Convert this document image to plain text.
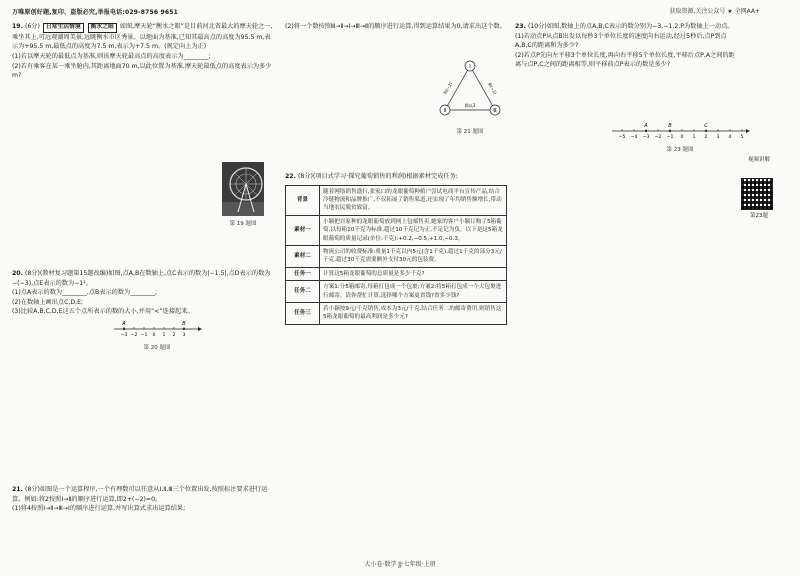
万唯原创好题,复印、盗版必究,举报电话:029-8756 9651	获取资源,关注公众号 ★ 全网AA+

19. (6分) 日常生活情境 衡水之眼 如图,摩天轮“衡水之眼”是目前河北省最大的摩天轮之一,乘坐其上,可远观湖周美景,远眺衡水市区秀景。以地面为基准,已知其最高点的高度为95.5 m,表示为+95.5 m,最低点的高度为7.5 m,表示为+7.5 m。(规定向上为正)

(1)若以摩天轮的最低点为基准,则该摩天轮最高点的高度表示为________;

(2)若有乘客在某一乘坐舱内,其距离地面70 m,以此位置为基准,摩天轮最低点的高度表示为多少 m?

第 19 题图

20. (8分)(教材复习题第15题改编)如图,点A,B在数轴上,点C表示的数为|−1.5|,点D表示的数为−(−3),点E表示的数为−1²。

(1)点A表示的数为________,点B表示的数为________;

(2)在数轴上画出点C,D,E;

(3)比较A,B,C,D,E这五个点所表示的数的大小,并用“<”连接起来。

−3 −2 −1 0 1 2 3
A	B
第 20 题图

21. (8分)如图是一个运算程序,一个有理数可以任意从Ⅰ,Ⅱ,Ⅲ三个位置出发,按照标注要求进行运算。例如:将2按照Ⅰ→Ⅱ的顺序进行运算,即2+(−2)=0。

(1)将4按照Ⅰ→Ⅱ→Ⅲ→Ⅰ的顺序进行运算,并写出算式求出运算结果;

(2)将一个数按照Ⅲ→Ⅱ→Ⅰ→Ⅲ→Ⅱ的顺序进行运算,得到运算结果为0,请求出这个数。

Ⅰ
Ⅱ	Ⅲ
加(−2)	乘(−1)
除以3
第 21 题图

22. (8分)(项目式学习·探究葡萄销售的利润)根据素材完成任务:

背景	随着网络销售盛行,张家口的龙眼葡萄种植户尝试电商平台宣传产品,结合冷链物流和品牌推广,不仅拓展了销售渠道,还实现了年均销售额增长,带动当地农民脱贫致富。
素材一	小颖把自家种的龙眼葡萄放到网上包邮售卖,她家的客户小颖订购了5箱葡萄,以每箱10千克为标准,超过10千克记为正,不足记为负。以下是这5箱龙眼葡萄的质量记录(单位:千克):+0.2,−0.5,+1.0,−0.3。
素材二	物流公司的收费标准:重量1千克以内5元(含1千克),超过1千克的部分3元/千克,超过30千克需要额外支付30元的包装费。
任务一	计算这5箱龙眼葡萄的总质量是多少千克?
任务二	方案1:分5箱邮寄,每箱打包成一个包裹;方案2:将5箱打包成一个大包裹进行邮寄。请你帮忙计算,选择哪个方案更省钱?省多少钱?
任务三	若小颖按9元/千克销售,成本为3元/千克,结合任务二的邮寄费用,则销售这5箱龙眼葡萄的最高利润是多少元?

23. (10分)如图,数轴上的点A,B,C表示的数分别为−3,−1,2,P为数轴上一动点。

(1)若动点P从点B出发以每秒3个单位长度的速度向右运动,经过5秒后,点P到点A,B,C的距离和为多少?

(2)若点P先向左平移3个单位长度,再向右平移5个单位长度,平移后点P,A之间的距离与点P,C之间的距离相等,则平移前点P表示的数是多少?

−5 −4 −3 −2 −1 0 1 2 3 4 5
A	B	C
第 23 题图
视频讲解
第23题
大小卷·数学 JJ·七年级·上册
